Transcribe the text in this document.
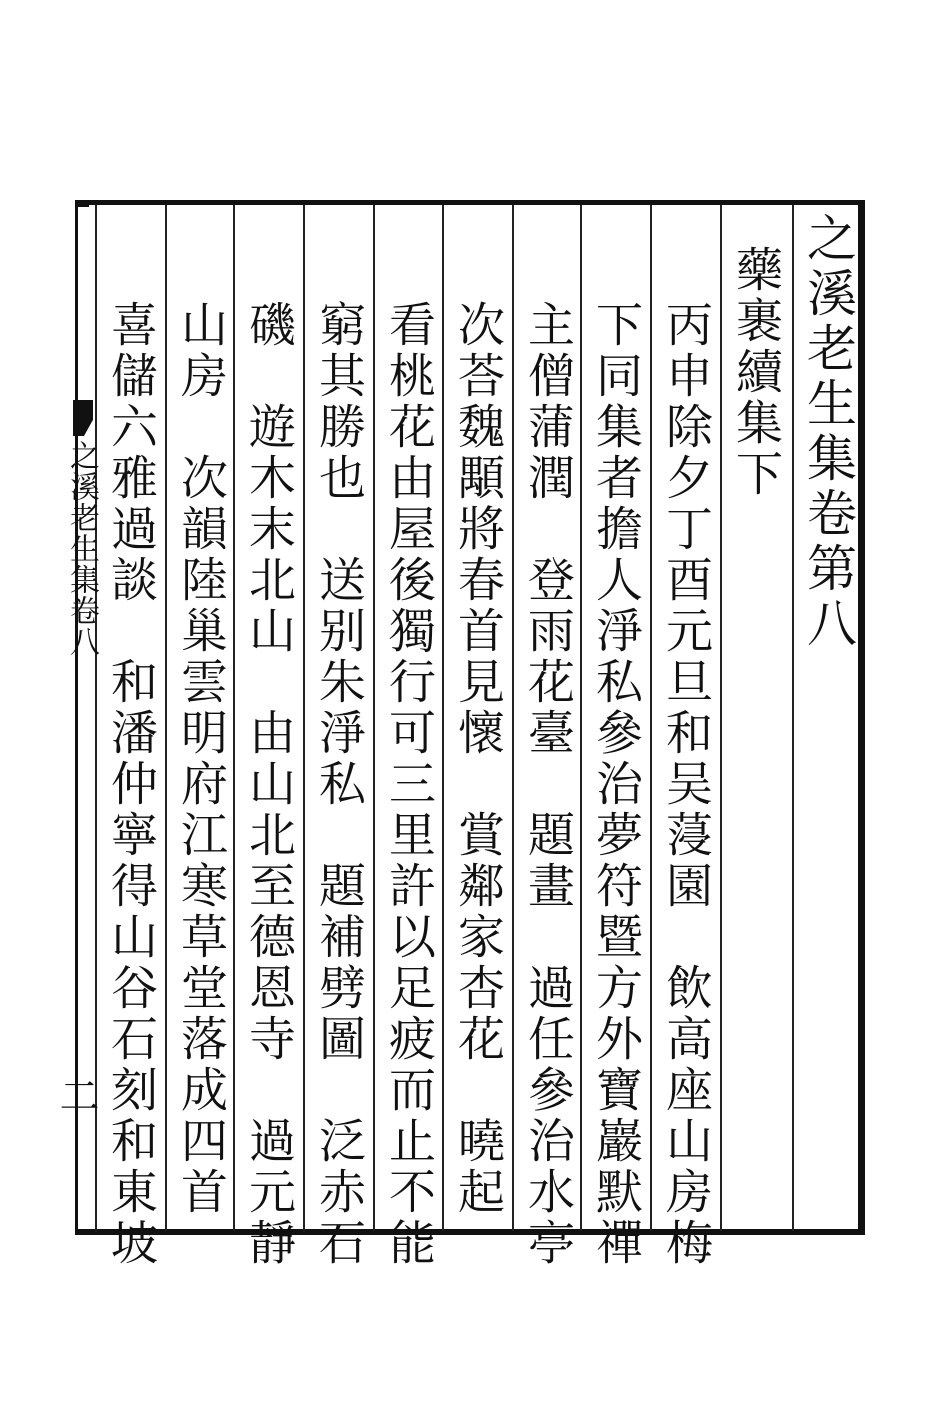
之溪老生集卷第八
藥裹續集下
丙申除夕丁酉元旦和吴蓡園　飲高座山房梅
下同集者擔人淨私參治夢符暨方外寶巖默禪
主僧蒲潤　登雨花臺　題畫　過任參治水亭
次荅魏顒將春首見懷　賞鄰家杏花　曉起
看桃花由屋後獨行可三里許以足疲而止不能
窮其勝也　送别朱淨私　題補劈圖　泛赤石
磯　遊木末北山　由山北至德恩寺　過元靜
山房　次韻陸巢雲明府江寒草堂落成四首
喜儲六雅過談　和潘仲寧得山谷石刻和東坡
之溪老生集卷八
二
